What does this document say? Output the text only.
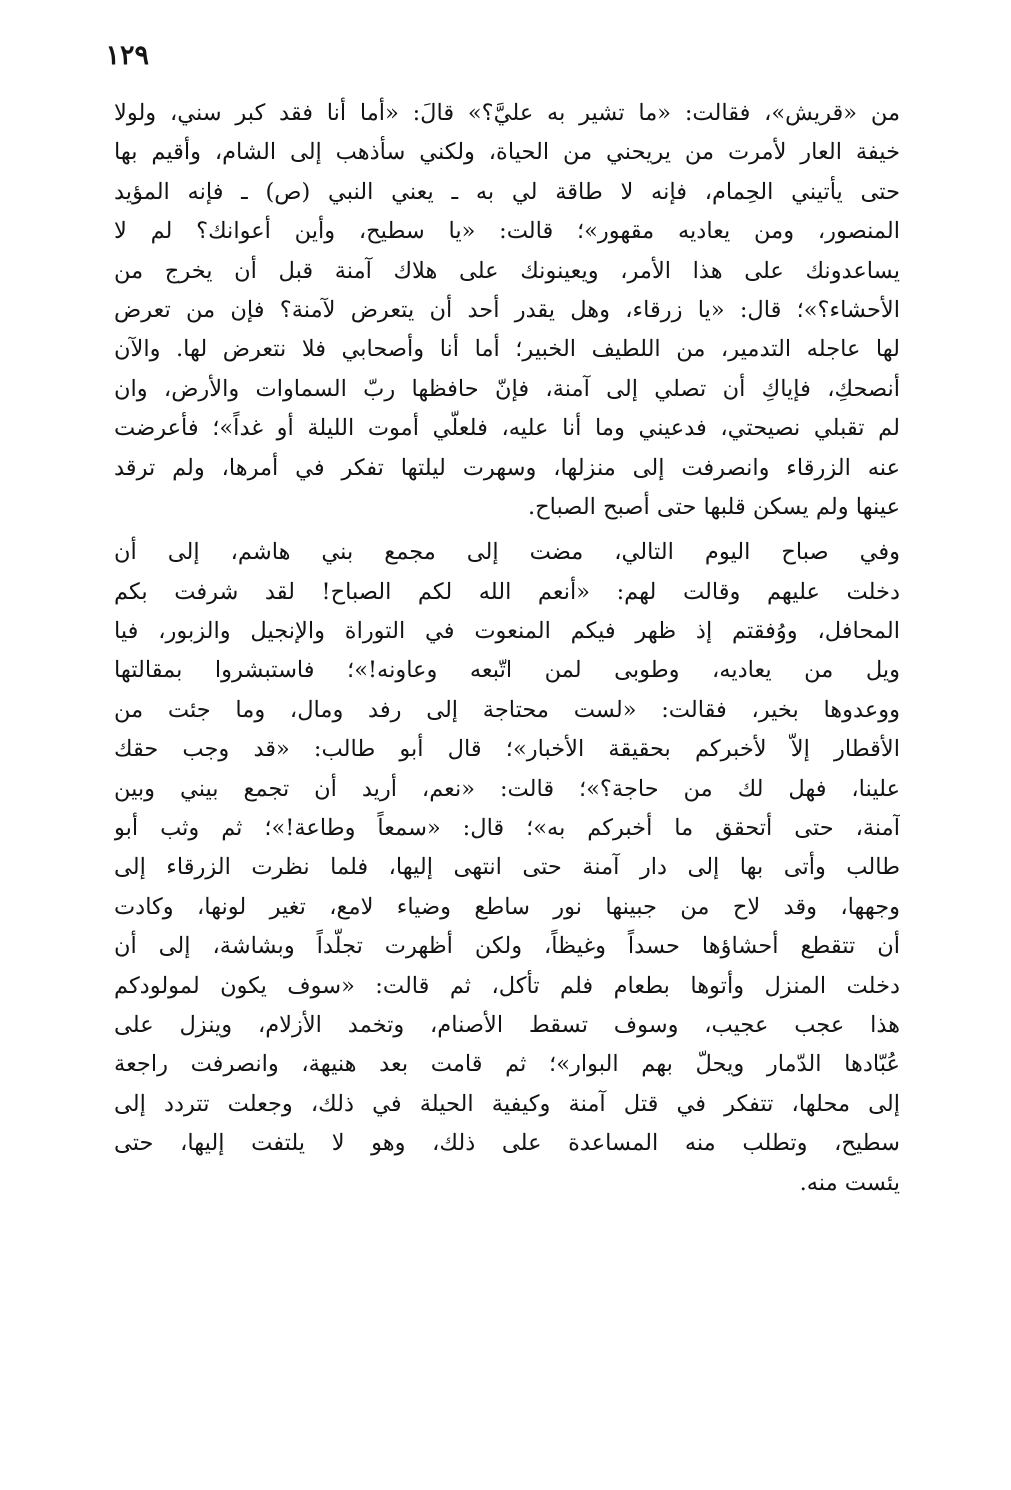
١٢٩
من «قريش»، فقالت: «ما تشير به عليَّ؟» قالَ: «أما أنا فقد كبر سني، ولولا
خيفة العار لأمرت من يريحني من الحياة، ولكني سأذهب إلى الشام، وأقيم بها
حتى يأتيني الحِمام، فإنه لا طاقة لي به ـ يعني النبي (ص) ـ فإنه المؤيد
المنصور، ومن يعاديه مقهور»؛ قالت: «يا سطيح، وأين أعوانك؟ لم لا
يساعدونك على هذا الأمر، ويعينونك على هلاك آمنة قبل أن يخرج من
الأحشاء؟»؛ قال: «يا زرقاء، وهل يقدر أحد أن يتعرض لآمنة؟ فإن من تعرض
لها عاجله التدمير، من اللطيف الخبير؛ أما أنا وأصحابي فلا نتعرض لها. والآن
أنصحكِ، فإياكِ أن تصلي إلى آمنة، فإنّ حافظها ربّ السماوات والأرض، وان
لم تقبلي نصيحتي، فدعيني وما أنا عليه، فلعلّي أموت الليلة أو غداً»؛ فأعرضت
عنه الزرقاء وانصرفت إلى منزلها، وسهرت ليلتها تفكر في أمرها، ولم ترقد
عينها ولم يسكن قلبها حتى أصبح الصباح.
وفي صباح اليوم التالي، مضت إلى مجمع بني هاشم، إلى أن
دخلت عليهم وقالت لهم: «أنعم الله لكم الصباح! لقد شرفت بكم
المحافل، ووُفقتم إذ ظهر فيكم المنعوت في التوراة والإنجيل والزبور، فيا
ويل من يعاديه، وطوبى لمن اتّبعه وعاونه!»؛ فاستبشروا بمقالتها
ووعدوها بخير، فقالت: «لست محتاجة إلى رفد ومال، وما جئت من
الأقطار إلاّ لأخبركم بحقيقة الأخبار»؛ قال أبو طالب: «قد وجب حقك
علينا، فهل لك من حاجة؟»؛ قالت: «نعم، أريد أن تجمع بيني وبين
آمنة، حتى أتحقق ما أخبركم به»؛ قال: «سمعاً وطاعة!»؛ ثم وثب أبو
طالب وأتى بها إلى دار آمنة حتى انتهى إليها، فلما نظرت الزرقاء إلى
وجهها، وقد لاح من جبينها نور ساطع وضياء لامع، تغير لونها، وكادت
أن تتقطع أحشاؤها حسداً وغيظاً، ولكن أظهرت تجلّداً وبشاشة، إلى أن
دخلت المنزل وأتوها بطعام فلم تأكل، ثم قالت: «سوف يكون لمولودكم
هذا عجب عجيب، وسوف تسقط الأصنام، وتخمد الأزلام، وينزل على
عُبّادها الدّمار ويحلّ بهم البوار»؛ ثم قامت بعد هنيهة، وانصرفت راجعة
إلى محلها، تتفكر في قتل آمنة وكيفية الحيلة في ذلك، وجعلت تتردد إلى
سطيح، وتطلب منه المساعدة على ذلك، وهو لا يلتفت إليها، حتى
يئست منه.
